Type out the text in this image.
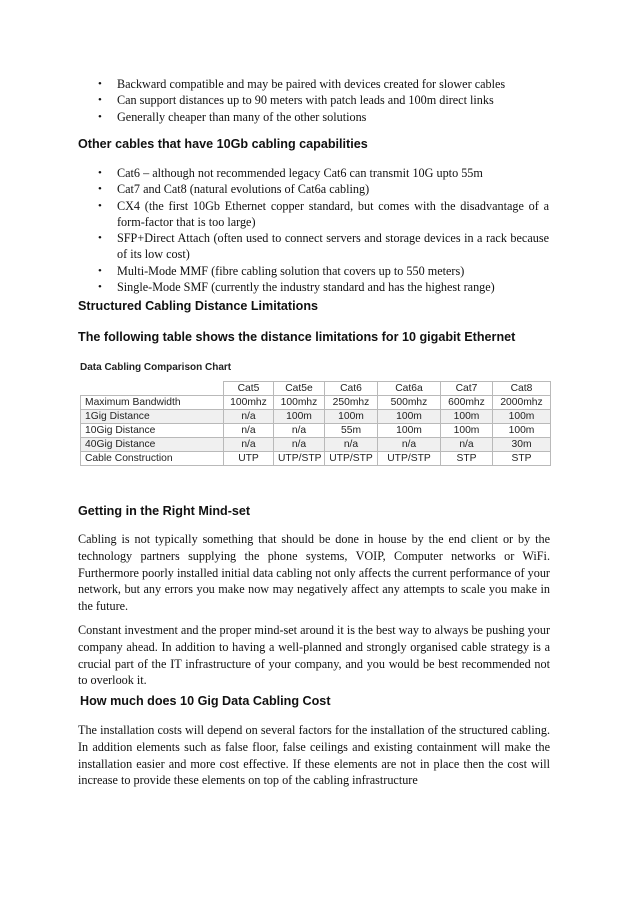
• Backward compatible and may be paired with devices created for slower cables
• Can support distances up to 90 meters with patch leads and 100m direct links
• Generally cheaper than many of the other solutions
Other cables that have 10Gb cabling capabilities
• Cat6 – although not recommended legacy Cat6 can transmit 10G upto 55m
• Cat7 and Cat8 (natural evolutions of Cat6a cabling)
• CX4 (the first 10Gb Ethernet copper standard, but comes with the disadvantage of a form-factor that is too large)
• SFP+Direct Attach (often used to connect servers and storage devices in a rack because of its low cost)
• Multi-Mode MMF (fibre cabling solution that covers up to 550 meters)
• Single-Mode SMF (currently the industry standard and has the highest range)
Structured Cabling Distance Limitations
The following table shows the distance limitations for 10 gigabit Ethernet

Data Cabling Comparison Chart

	Cat5	Cat5e	Cat6	Cat6a	Cat7	Cat8
Maximum Bandwidth	100mhz	100mhz	250mhz	500mhz	600mhz	2000mhz
1Gig Distance	n/a	100m	100m	100m	100m	100m
10Gig Distance	n/a	n/a	55m	100m	100m	100m
40Gig Distance	n/a	n/a	n/a	n/a	n/a	30m
Cable Construction	UTP	UTP/STP	UTP/STP	UTP/STP	STP	STP
Getting in the Right Mind-set

Cabling is not typically something that should be done in house by the end client or by the technology partners supplying the phone systems, VOIP, Computer networks or WiFi. Furthermore poorly installed initial data cabling not only affects the current performance of your network, but any errors you make now may negatively affect any attempts to scale you make in the future.

Constant investment and the proper mind-set around it is the best way to always be pushing your company ahead. In addition to having a well-planned and strongly organised cable strategy is a crucial part of the IT infrastructure of your company, and you would be best recommended not to overlook it.

How much does 10 Gig Data Cabling Cost

The installation costs will depend on several factors for the installation of the structured cabling. In addition elements such as false floor, false ceilings and existing containment will make the installation easier and more cost effective. If these elements are not in place then the cost will increase to provide these elements on top of the cabling infrastructure
